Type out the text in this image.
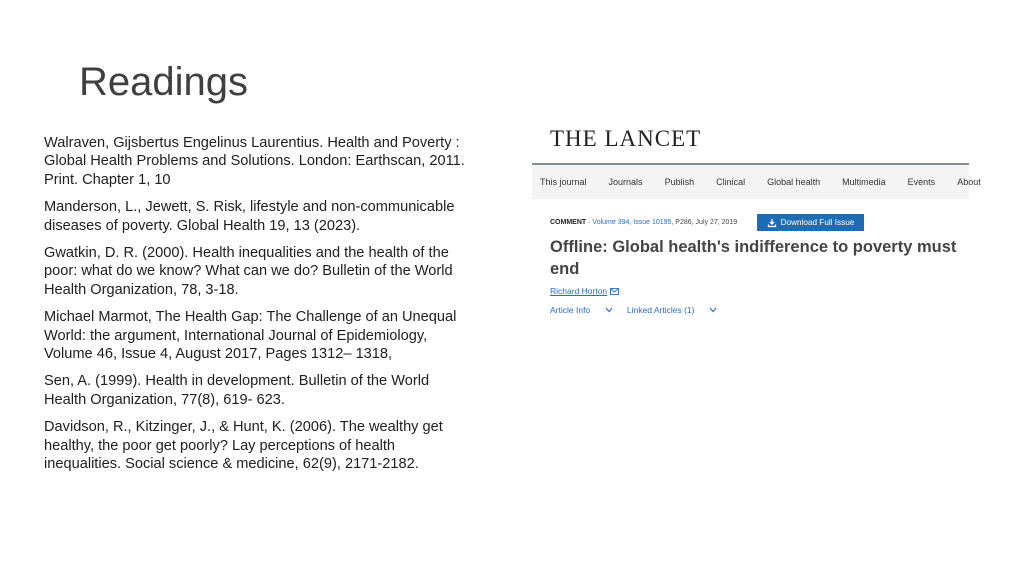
Readings
Walraven, Gijsbertus Engelinus Laurentius. Health and Poverty : Global Health Problems and Solutions. London: Earthscan, 2011. Print. Chapter 1, 10
Manderson, L., Jewett, S. Risk, lifestyle and non-communicable diseases of poverty. Global Health 19, 13 (2023).
Gwatkin, D. R. (2000). Health inequalities and the health of the poor: what do we know? What can we do? Bulletin of the World Health Organization, 78, 3-18.
Michael Marmot, The Health Gap: The Challenge of an Unequal World: the argument, International Journal of Epidemiology, Volume 46, Issue 4, August 2017, Pages 1312– 1318,
Sen, A. (1999). Health in development. Bulletin of the World Health Organization, 77(8), 619- 623.
Davidson, R., Kitzinger, J., & Hunt, K. (2006). The wealthy get healthy, the poor get poorly? Lay perceptions of health inequalities. Social science & medicine, 62(9), 2171-2182.
THE LANCET
This journal Journals Publish Clinical Global health Multimedia Events About
COMMENT · Volume 394, Issue 10195, P286, July 27, 2019	Download Full Issue
Offline: Global health's indifference to poverty must end
Richard Horton
Article Info	Linked Articles (1)
